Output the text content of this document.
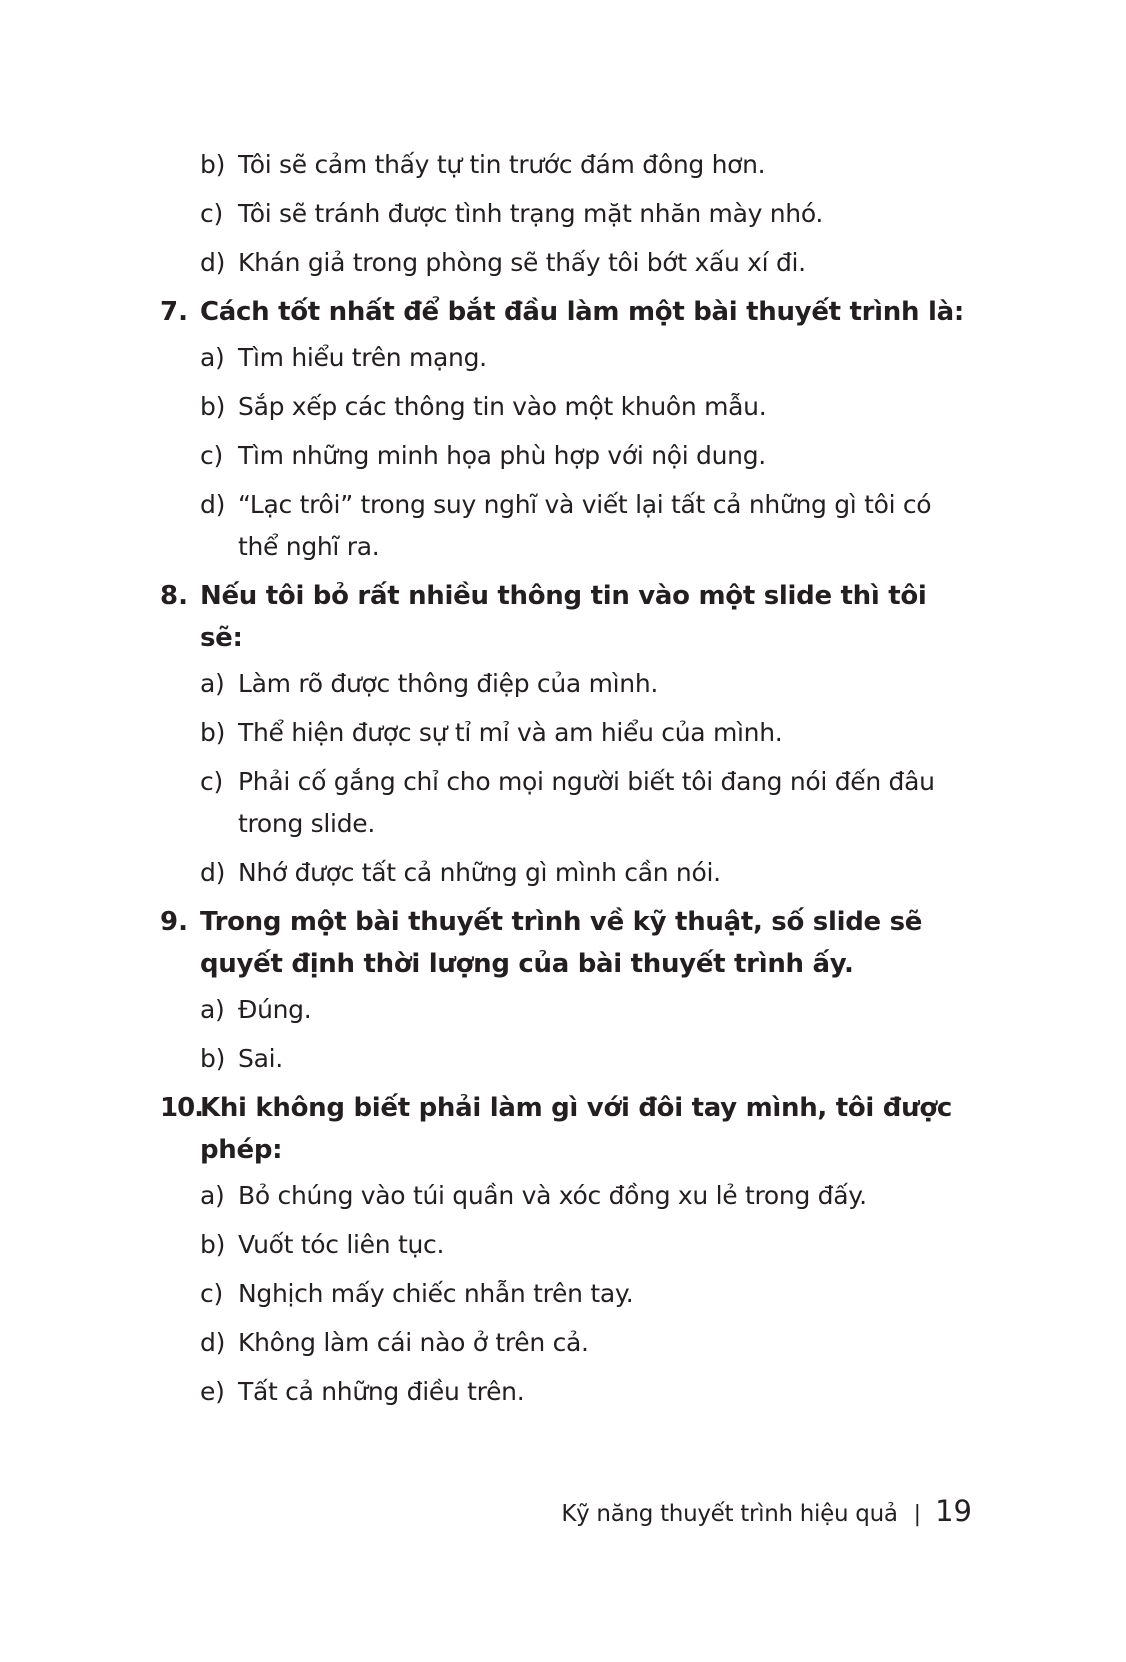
b) Tôi sẽ cảm thấy tự tin trước đám đông hơn.
c) Tôi sẽ tránh được tình trạng mặt nhăn mày nhó.
d) Khán giả trong phòng sẽ thấy tôi bớt xấu xí đi.
7. Cách tốt nhất để bắt đầu làm một bài thuyết trình là:
a) Tìm hiểu trên mạng.
b) Sắp xếp các thông tin vào một khuôn mẫu.
c) Tìm những minh họa phù hợp với nội dung.
d) “Lạc trôi” trong suy nghĩ và viết lại tất cả những gì tôi có thể nghĩ ra.
8. Nếu tôi bỏ rất nhiều thông tin vào một slide thì tôi sẽ:
a) Làm rõ được thông điệp của mình.
b) Thể hiện được sự tỉ mỉ và am hiểu của mình.
c) Phải cố gắng chỉ cho mọi người biết tôi đang nói đến đâu trong slide.
d) Nhớ được tất cả những gì mình cần nói.
9. Trong một bài thuyết trình về kỹ thuật, số slide sẽ quyết định thời lượng của bài thuyết trình ấy.
a) Đúng.
b) Sai.
10.
Khi không biết phải làm gì với đôi tay mình, tôi được phép:
a) Bỏ chúng vào túi quần và xóc đồng xu lẻ trong đấy.
b) Vuốt tóc liên tục.
c) Nghịch mấy chiếc nhẫn trên tay.
d) Không làm cái nào ở trên cả.
e) Tất cả những điều trên.
Kỹ năng thuyết trình hiệu quả | 19
